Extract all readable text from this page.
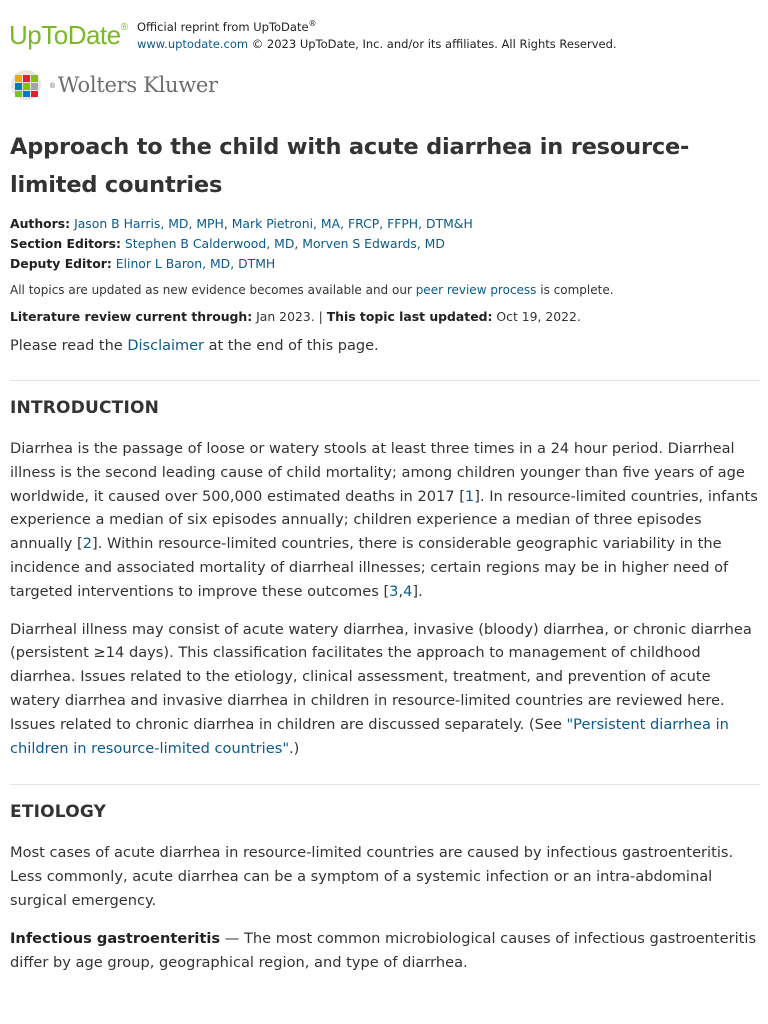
UpToDate® Official reprint from UpToDate®
www.uptodate.com © 2023 UpToDate, Inc. and/or its affiliates. All Rights Reserved.
®Wolters Kluwer
Approach to the child with acute diarrhea in resource-limited countries
Authors: Jason B Harris, MD, MPH, Mark Pietroni, MA, FRCP, FFPH, DTM&H
Section Editors: Stephen B Calderwood, MD, Morven S Edwards, MD
Deputy Editor: Elinor L Baron, MD, DTMH
All topics are updated as new evidence becomes available and our peer review process is complete.
Literature review current through: Jan 2023. | This topic last updated: Oct 19, 2022.
Please read the Disclaimer at the end of this page.
INTRODUCTION

Diarrhea is the passage of loose or watery stools at least three times in a 24 hour period. Diarrheal illness is the second leading cause of child mortality; among children younger than five years of age worldwide, it caused over 500,000 estimated deaths in 2017 [1]. In resource-limited countries, infants experience a median of six episodes annually; children experience a median of three episodes annually [2]. Within resource-limited countries, there is considerable geographic variability in the incidence and associated mortality of diarrheal illnesses; certain regions may be in higher need of targeted interventions to improve these outcomes [3,4].

Diarrheal illness may consist of acute watery diarrhea, invasive (bloody) diarrhea, or chronic diarrhea (persistent ≥14 days). This classification facilitates the approach to management of childhood diarrhea. Issues related to the etiology, clinical assessment, treatment, and prevention of acute watery diarrhea and invasive diarrhea in children in resource-limited countries are reviewed here. Issues related to chronic diarrhea in children are discussed separately. (See "Persistent diarrhea in children in resource-limited countries".)

ETIOLOGY

Most cases of acute diarrhea in resource-limited countries are caused by infectious gastroenteritis. Less commonly, acute diarrhea can be a symptom of a systemic infection or an intra-abdominal surgical emergency.

Infectious gastroenteritis — The most common microbiological causes of infectious gastroenteritis differ by age group, geographical region, and type of diarrhea.
